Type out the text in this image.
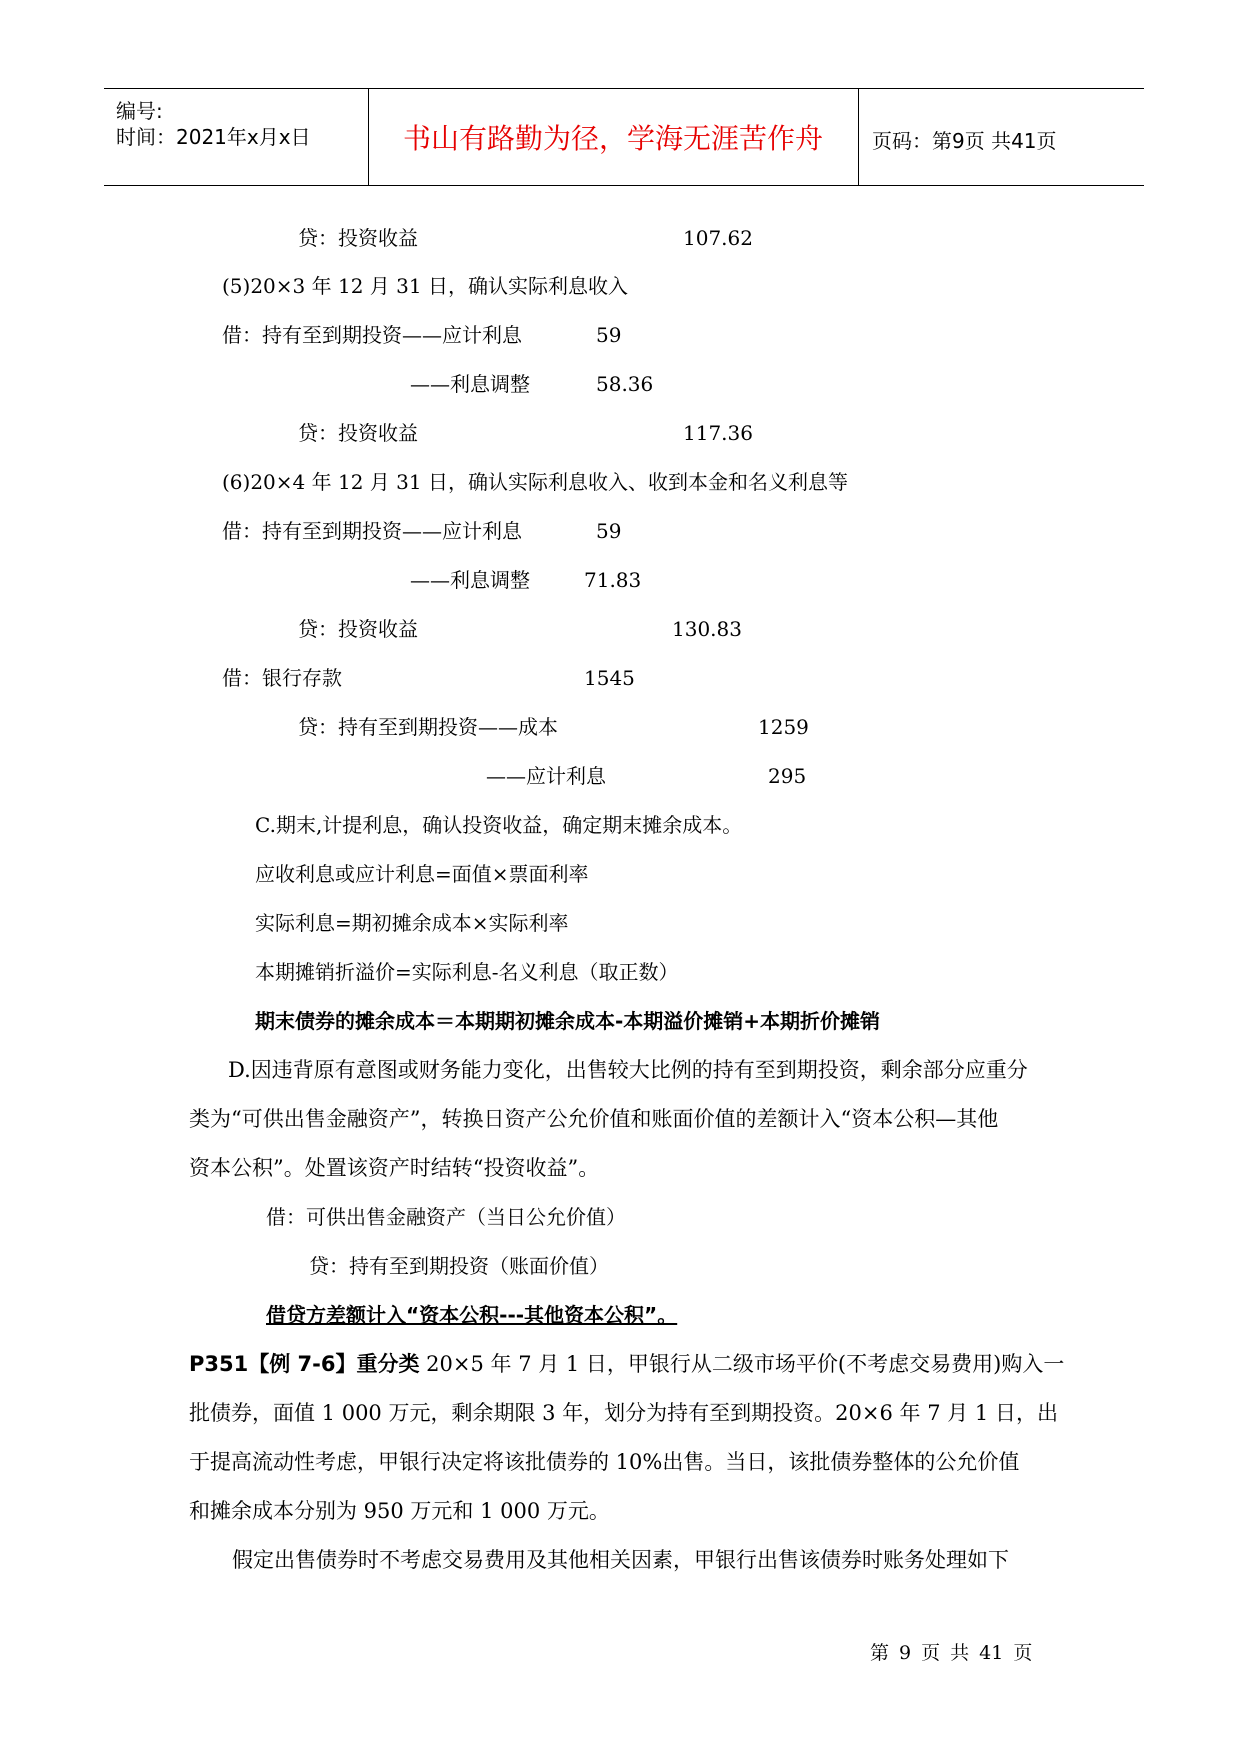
编号:
时间：2021年x月x日	书山有路勤为径，学海无涯苦作舟	页码：第9页 共41页
贷：投资收益	107.62
(5)20×3 年 12 月 31 日，确认实际利息收入
借：持有至到期投资——应计利息	59
——利息调整	58.36
贷：投资收益	117.36
(6)20×4 年 12 月 31 日，确认实际利息收入、收到本金和名义利息等
借：持有至到期投资——应计利息	59
——利息调整	71.83
贷：投资收益	130.83
借：银行存款	1545
贷：持有至到期投资——成本	1259
——应计利息	295
C.期末,计提利息，确认投资收益，确定期末摊余成本。
应收利息或应计利息=面值×票面利率
实际利息=期初摊余成本×实际利率
本期摊销折溢价=实际利息-名义利息（取正数）
期末债券的摊余成本＝本期期初摊余成本-本期溢价摊销+本期折价摊销
D.因违背原有意图或财务能力变化，出售较大比例的持有至到期投资，剩余部分应重分
类为“可供出售金融资产”，转换日资产公允价值和账面价值的差额计入“资本公积—其他
资本公积”。处置该资产时结转“投资收益”。
借：可供出售金融资产（当日公允价值）
贷：持有至到期投资（账面价值）
借贷方差额计入“资本公积---其他资本公积”。
P351【例 7-6】重分类 20×5 年 7 月 1 日，甲银行从二级市场平价(不考虑交易费用)购入一
批债券，面值 1 000 万元，剩余期限 3 年，划分为持有至到期投资。20×6 年 7 月 1 日，出
于提高流动性考虑，甲银行决定将该批债券的 10%出售。当日，该批债券整体的公允价值
和摊余成本分别为 950 万元和 1 000 万元。
假定出售债券时不考虑交易费用及其他相关因素，甲银行出售该债券时账务处理如下
第 9 页 共 41 页
